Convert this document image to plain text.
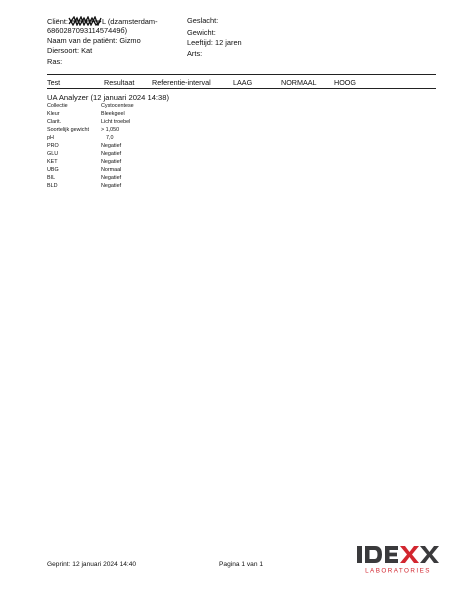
Cliënt:	L (dzamsterdam-
686028709311457449б)
Naam van de patiënt: Gizmo
Diersoort: Kat
Ras:
Geslacht:
Gewicht:
Leeftijd: 12 jaren
Arts:
Test	Resultaat Referentie-interval	LAAG	NORMAAL HOOG
UA Analyzer (12 januari 2024 14:38)
Collectie	Cystocentese
Kleur	Bleekgeel
Clarit.	Licht troebel
Soortelijk gewicht > 1,050
pH	7,0
PRO	Negatief
GLU	Negatief
KET	Negatief
UBG	Normaal
BIL	Negatief
BLD	Negatief
Geprint: 12 januari 2024 14:40	Pagina 1 van 1
LABORATORIES
